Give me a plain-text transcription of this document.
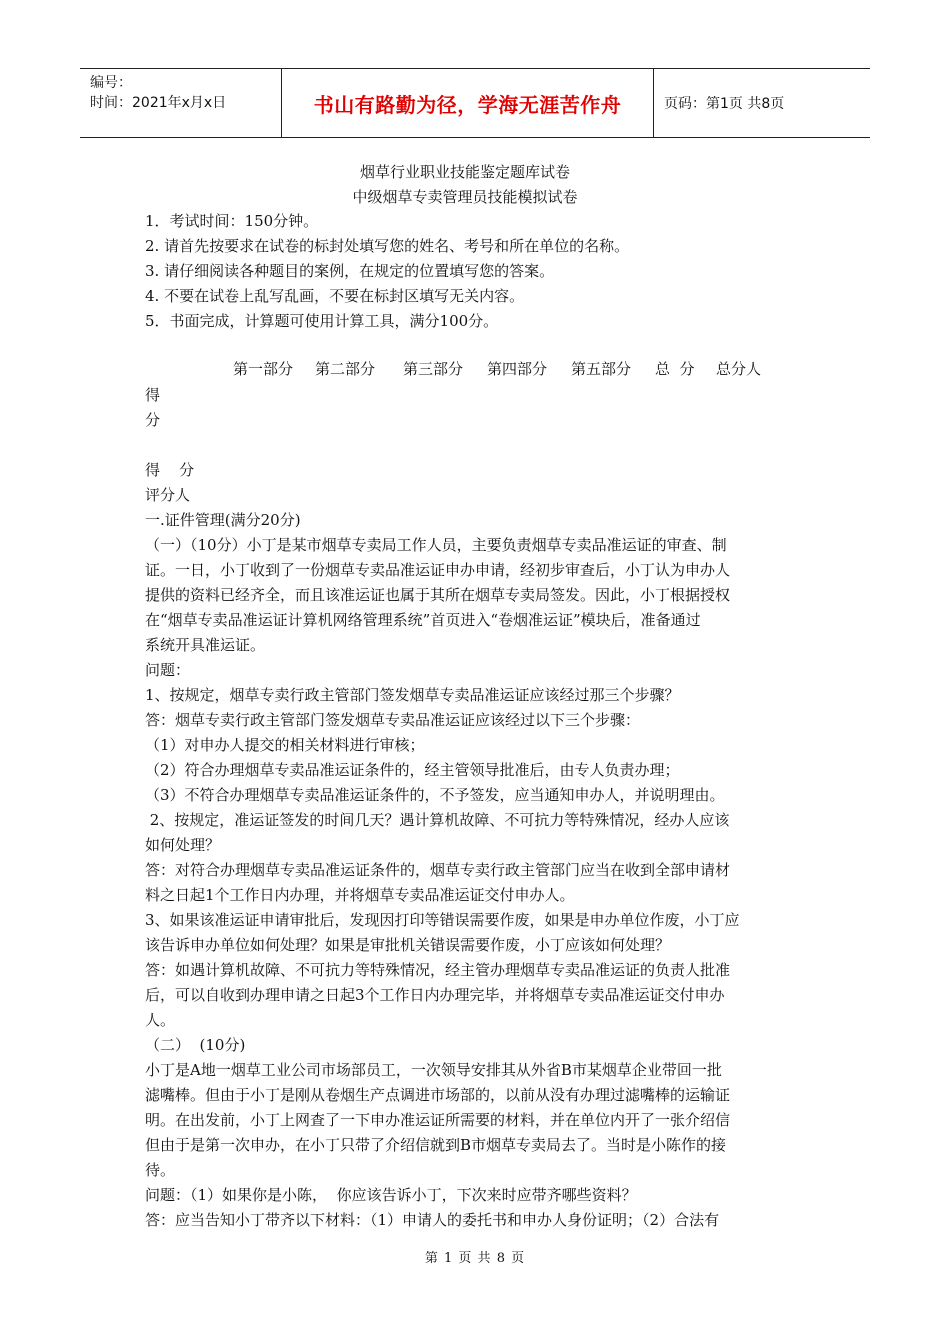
编号：
时间：2021年x月x日	书山有路勤为径，学海无涯苦作舟	页码：第1页 共8页
烟草行业职业技能鉴定题库试卷
中级烟草专卖管理员技能模拟试卷
1．考试时间：150分钟。
2. 请首先按要求在试卷的标封处填写您的姓名、考号和所在单位的名称。
3. 请仔细阅读各种题目的案例，在规定的位置填写您的答案。
4. 不要在试卷上乱写乱画，不要在标封区填写无关内容。
5．书面完成，计算题可使用计算工具，满分100分。
第一部分 第二部分 第三部分 第四部分 第五部分 总  分 总分人
得
分
得    分
评分人
一.证件管理(满分20分)
（一）（10分）小丁是某市烟草专卖局工作人员，主要负责烟草专卖品准运证的审查、制
证。一日，小丁收到了一份烟草专卖品准运证申办申请，经初步审查后，小丁认为申办人
提供的资料已经齐全，而且该准运证也属于其所在烟草专卖局签发。因此，小丁根据授权
在“烟草专卖品准运证计算机网络管理系统”首页进入“卷烟准运证”模块后，准备通过
系统开具准运证。
问题：
1、按规定，烟草专卖行政主管部门签发烟草专卖品准运证应该经过那三个步骤？
答：烟草专卖行政主管部门签发烟草专卖品准运证应该经过以下三个步骤：
（1）对申办人提交的相关材料进行审核；
（2）符合办理烟草专卖品准运证条件的，经主管领导批准后，由专人负责办理；
（3）不符合办理烟草专卖品准运证条件的，不予签发，应当通知申办人，并说明理由。
2、按规定，准运证签发的时间几天？遇计算机故障、不可抗力等特殊情况，经办人应该
如何处理？
答：对符合办理烟草专卖品准运证条件的，烟草专卖行政主管部门应当在收到全部申请材
料之日起1个工作日内办理，并将烟草专卖品准运证交付申办人。
3、如果该准运证申请审批后，发现因打印等错误需要作废，如果是申办单位作废，小丁应
该告诉申办单位如何处理？如果是审批机关错误需要作废，小丁应该如何处理？
答：如遇计算机故障、不可抗力等特殊情况，经主管办理烟草专卖品准运证的负责人批准
后，可以自收到办理申请之日起3个工作日内办理完毕，并将烟草专卖品准运证交付申办
人。
（二）  (10分)
小丁是A地一烟草工业公司市场部员工，一次领导安排其从外省B市某烟草企业带回一批
滤嘴棒。但由于小丁是刚从卷烟生产点调进市场部的，以前从没有办理过滤嘴棒的运输证
明。在出发前，小丁上网查了一下申办准运证所需要的材料，并在单位内开了一张介绍信
但由于是第一次申办，在小丁只带了介绍信就到B市烟草专卖局去了。当时是小陈作的接
待。
问题：（1）如果你是小陈，  你应该告诉小丁，下次来时应带齐哪些资料？
答：应当告知小丁带齐以下材料：（1）申请人的委托书和申办人身份证明；（2）合法有
第 1 页 共 8 页
